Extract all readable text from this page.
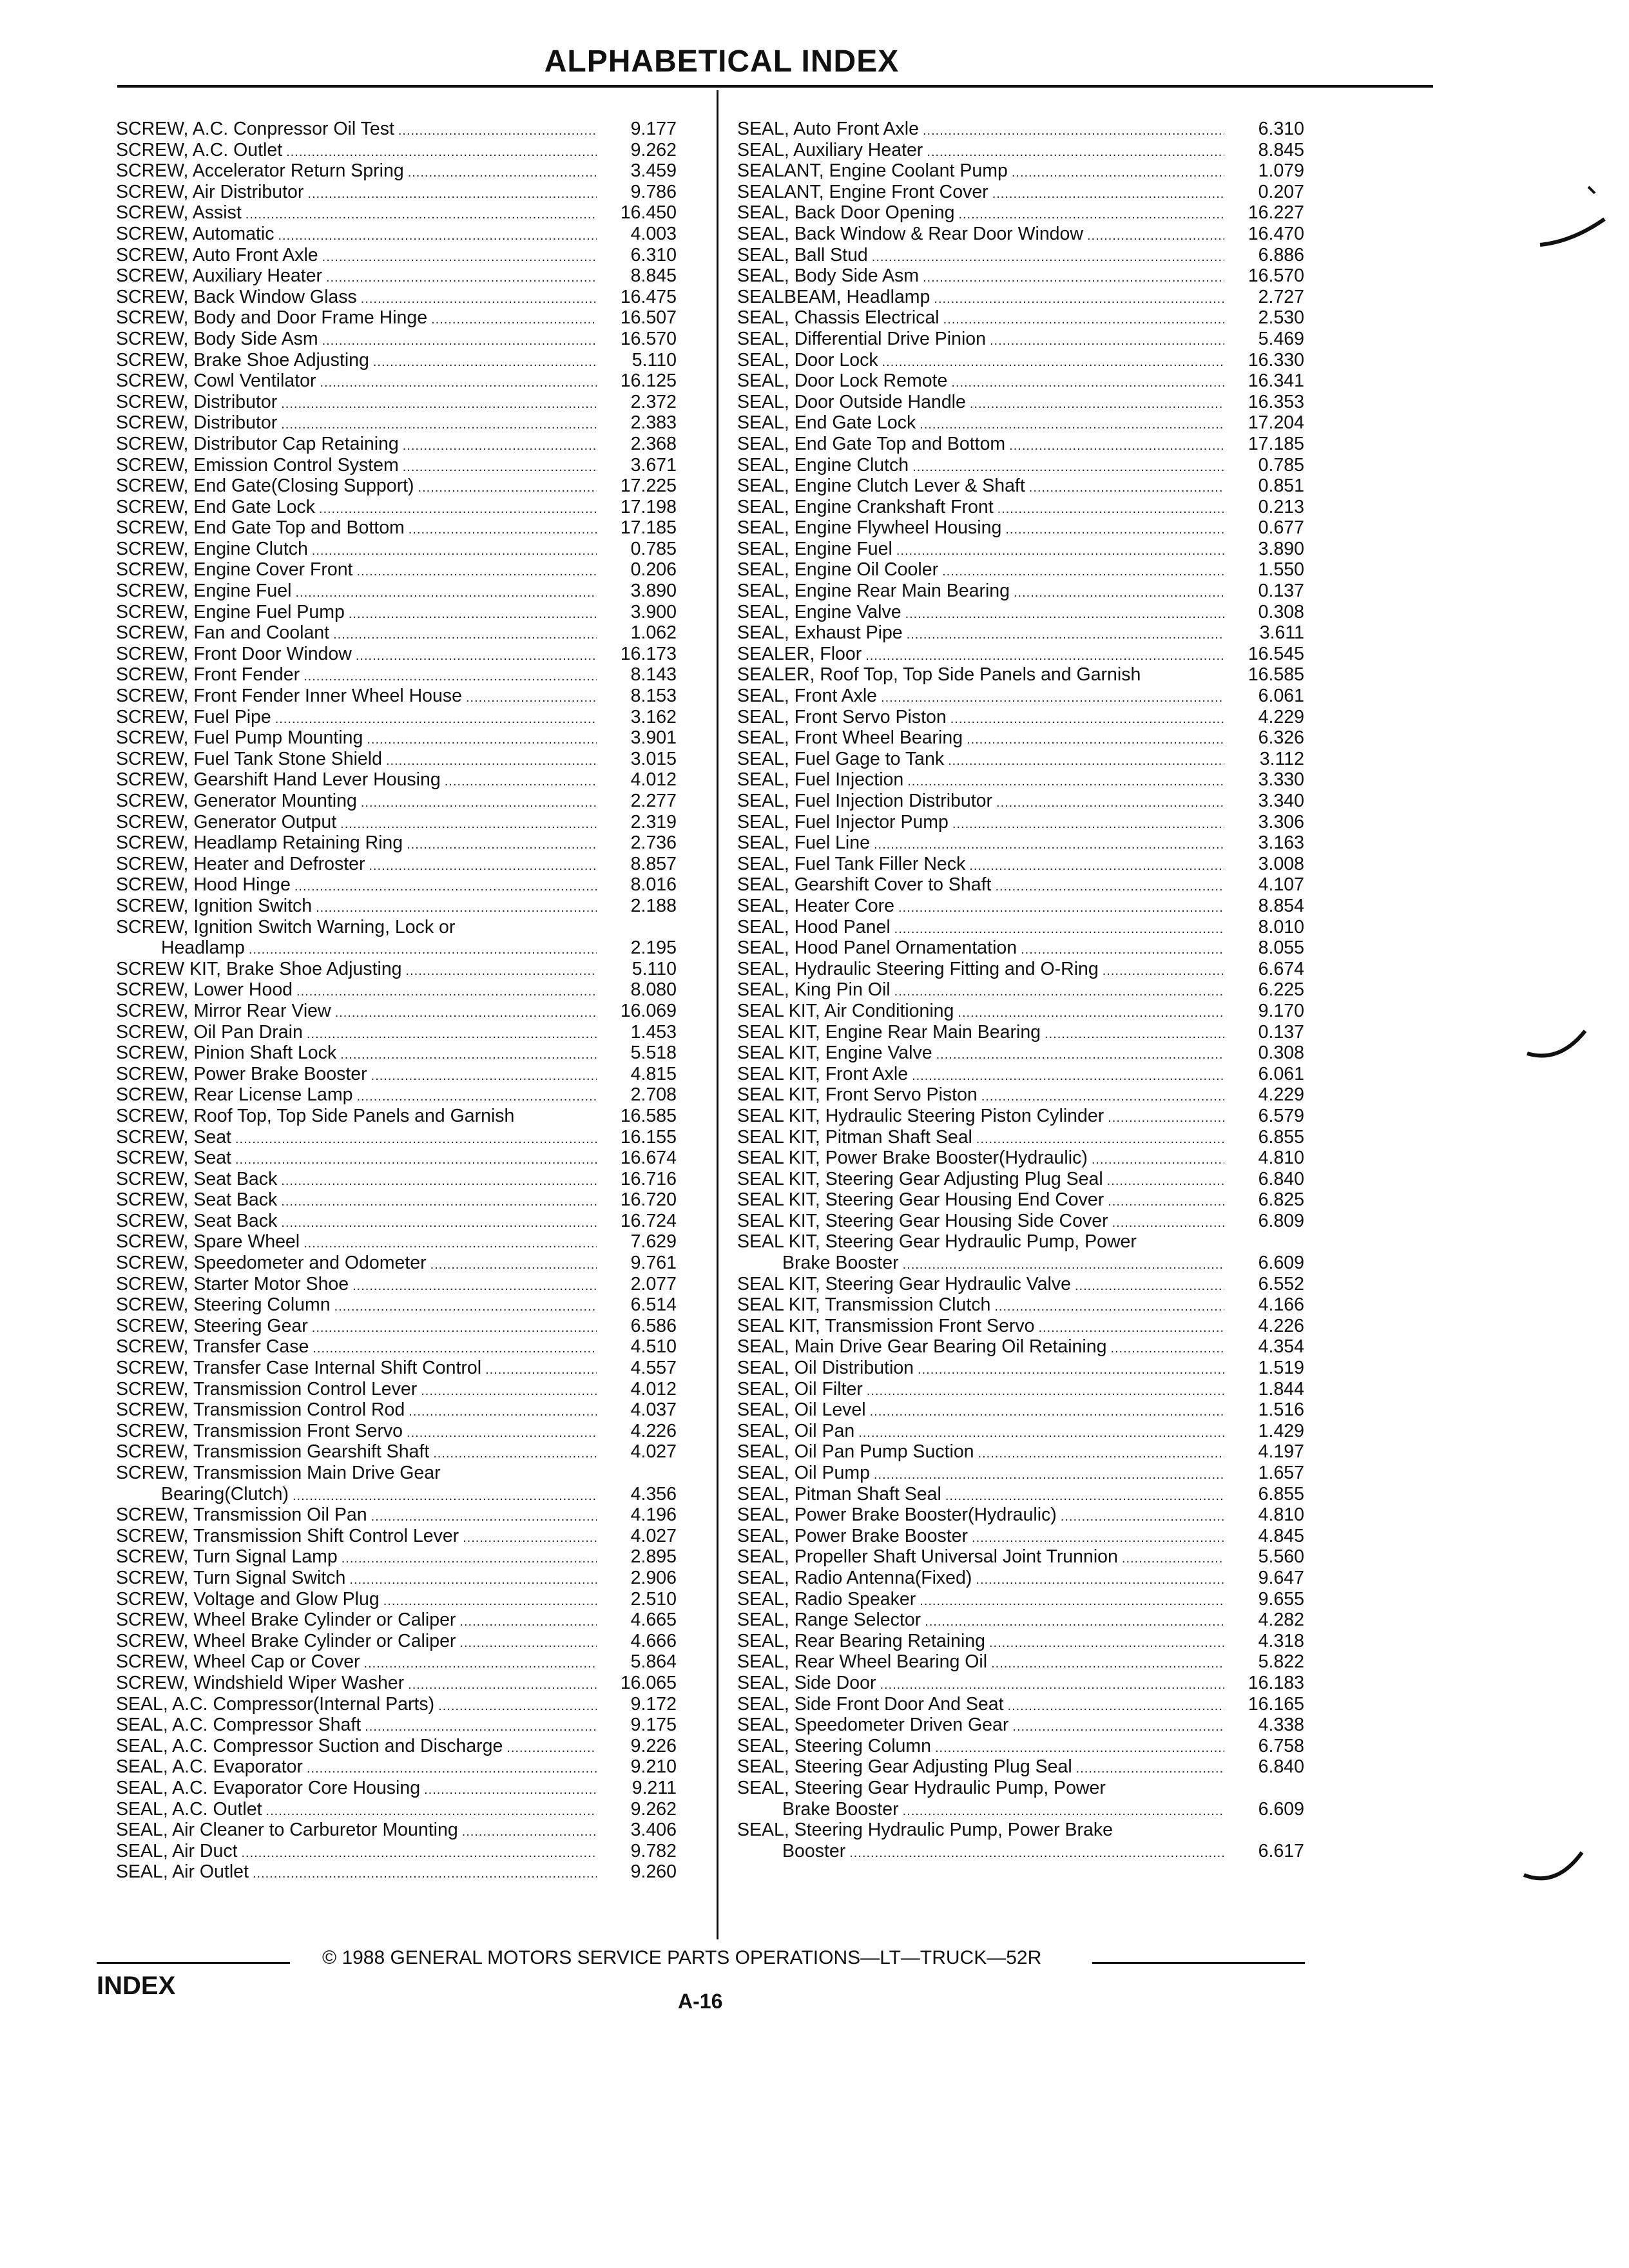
ALPHABETICAL INDEX
SCREW, A.C. Conpressor Oil Test .....	9.177
SCREW, A.C. Outlet .....	9.262
SCREW, Accelerator Return Spring .....	3.459
SCREW, Air Distributor .....	9.786
SCREW, Assist .....	16.450
SCREW, Automatic .....	4.003
SCREW, Auto Front Axle .....	6.310
SCREW, Auxiliary Heater .....	8.845
SCREW, Back Window Glass .....	16.475
SCREW, Body and Door Frame Hinge .....	16.507
SCREW, Body Side Asm .....	16.570
SCREW, Brake Shoe Adjusting .....	5.110
SCREW, Cowl Ventilator .....	16.125
SCREW, Distributor .....	2.372
SCREW, Distributor .....	2.383
SCREW, Distributor Cap Retaining .....	2.368
SCREW, Emission Control System .....	3.671
SCREW, End Gate(Closing Support) .....	17.225
SCREW, End Gate Lock .....	17.198
SCREW, End Gate Top and Bottom .....	17.185
SCREW, Engine Clutch .....	0.785
SCREW, Engine Cover Front .....	0.206
SCREW, Engine Fuel .....	3.890
SCREW, Engine Fuel Pump .....	3.900
SCREW, Fan and Coolant .....	1.062
SCREW, Front Door Window .....	16.173
SCREW, Front Fender .....	8.143
SCREW, Front Fender Inner Wheel House .....	8.153
SCREW, Fuel Pipe .....	3.162
SCREW, Fuel Pump Mounting .....	3.901
SCREW, Fuel Tank Stone Shield .....	3.015
SCREW, Gearshift Hand Lever Housing .....	4.012
SCREW, Generator Mounting .....	2.277
SCREW, Generator Output .....	2.319
SCREW, Headlamp Retaining Ring .....	2.736
SCREW, Heater and Defroster .....	8.857
SCREW, Hood Hinge .....	8.016
SCREW, Ignition Switch .....	2.188
SCREW, Ignition Switch Warning, Lock or
Headlamp .....	2.195
SCREW KIT, Brake Shoe Adjusting .....	5.110
SCREW, Lower Hood .....	8.080
SCREW, Mirror Rear View .....	16.069
SCREW, Oil Pan Drain .....	1.453
SCREW, Pinion Shaft Lock .....	5.518
SCREW, Power Brake Booster .....	4.815
SCREW, Rear License Lamp .....	2.708
SCREW, Roof Top, Top Side Panels and Garnish	16.585
SCREW, Seat .....	16.155
SCREW, Seat .....	16.674
SCREW, Seat Back .....	16.716
SCREW, Seat Back .....	16.720
SCREW, Seat Back .....	16.724
SCREW, Spare Wheel .....	7.629
SCREW, Speedometer and Odometer .....	9.761
SCREW, Starter Motor Shoe .....	2.077
SCREW, Steering Column .....	6.514
SCREW, Steering Gear .....	6.586
SCREW, Transfer Case .....	4.510
SCREW, Transfer Case Internal Shift Control .....	4.557
SCREW, Transmission Control Lever .....	4.012
SCREW, Transmission Control Rod .....	4.037
SCREW, Transmission Front Servo .....	4.226
SCREW, Transmission Gearshift Shaft .....	4.027
SCREW, Transmission Main Drive Gear
Bearing(Clutch) .....	4.356
SCREW, Transmission Oil Pan .....	4.196
SCREW, Transmission Shift Control Lever .....	4.027
SCREW, Turn Signal Lamp .....	2.895
SCREW, Turn Signal Switch .....	2.906
SCREW, Voltage and Glow Plug .....	2.510
SCREW, Wheel Brake Cylinder or Caliper .....	4.665
SCREW, Wheel Brake Cylinder or Caliper .....	4.666
SCREW, Wheel Cap or Cover .....	5.864
SCREW, Windshield Wiper Washer .....	16.065
SEAL, A.C. Compressor(Internal Parts) .....	9.172
SEAL, A.C. Compressor Shaft .....	9.175
SEAL, A.C. Compressor Suction and Discharge .....	9.226
SEAL, A.C. Evaporator .....	9.210
SEAL, A.C. Evaporator Core Housing .....	9.211
SEAL, A.C. Outlet .....	9.262
SEAL, Air Cleaner to Carburetor Mounting .....	3.406
SEAL, Air Duct .....	9.782
SEAL, Air Outlet .....	9.260
SEAL, Auto Front Axle .....	6.310
SEAL, Auxiliary Heater .....	8.845
SEALANT, Engine Coolant Pump .....	1.079
SEALANT, Engine Front Cover .....	0.207
SEAL, Back Door Opening .....	16.227
SEAL, Back Window & Rear Door Window .....	16.470
SEAL, Ball Stud .....	6.886
SEAL, Body Side Asm .....	16.570
SEALBEAM, Headlamp .....	2.727
SEAL, Chassis Electrical .....	2.530
SEAL, Differential Drive Pinion .....	5.469
SEAL, Door Lock .....	16.330
SEAL, Door Lock Remote .....	16.341
SEAL, Door Outside Handle .....	16.353
SEAL, End Gate Lock .....	17.204
SEAL, End Gate Top and Bottom .....	17.185
SEAL, Engine Clutch .....	0.785
SEAL, Engine Clutch Lever & Shaft .....	0.851
SEAL, Engine Crankshaft Front .....	0.213
SEAL, Engine Flywheel Housing .....	0.677
SEAL, Engine Fuel .....	3.890
SEAL, Engine Oil Cooler .....	1.550
SEAL, Engine Rear Main Bearing .....	0.137
SEAL, Engine Valve .....	0.308
SEAL, Exhaust Pipe .....	3.611
SEALER, Floor .....	16.545
SEALER, Roof Top, Top Side Panels and Garnish	16.585
SEAL, Front Axle .....	6.061
SEAL, Front Servo Piston .....	4.229
SEAL, Front Wheel Bearing .....	6.326
SEAL, Fuel Gage to Tank .....	3.112
SEAL, Fuel Injection .....	3.330
SEAL, Fuel Injection Distributor .....	3.340
SEAL, Fuel Injector Pump .....	3.306
SEAL, Fuel Line .....	3.163
SEAL, Fuel Tank Filler Neck .....	3.008
SEAL, Gearshift Cover to Shaft .....	4.107
SEAL, Heater Core .....	8.854
SEAL, Hood Panel .....	8.010
SEAL, Hood Panel Ornamentation .....	8.055
SEAL, Hydraulic Steering Fitting and O-Ring .....	6.674
SEAL, King Pin Oil .....	6.225
SEAL KIT, Air Conditioning .....	9.170
SEAL KIT, Engine Rear Main Bearing .....	0.137
SEAL KIT, Engine Valve .....	0.308
SEAL KIT, Front Axle .....	6.061
SEAL KIT, Front Servo Piston .....	4.229
SEAL KIT, Hydraulic Steering Piston Cylinder .....	6.579
SEAL KIT, Pitman Shaft Seal .....	6.855
SEAL KIT, Power Brake Booster(Hydraulic) .....	4.810
SEAL KIT, Steering Gear Adjusting Plug Seal .....	6.840
SEAL KIT, Steering Gear Housing End Cover .....	6.825
SEAL KIT, Steering Gear Housing Side Cover .....	6.809
SEAL KIT, Steering Gear Hydraulic Pump, Power
Brake Booster .....	6.609
SEAL KIT, Steering Gear Hydraulic Valve .....	6.552
SEAL KIT, Transmission Clutch .....	4.166
SEAL KIT, Transmission Front Servo .....	4.226
SEAL, Main Drive Gear Bearing Oil Retaining .....	4.354
SEAL, Oil Distribution .....	1.519
SEAL, Oil Filter .....	1.844
SEAL, Oil Level .....	1.516
SEAL, Oil Pan .....	1.429
SEAL, Oil Pan Pump Suction .....	4.197
SEAL, Oil Pump .....	1.657
SEAL, Pitman Shaft Seal .....	6.855
SEAL, Power Brake Booster(Hydraulic) .....	4.810
SEAL, Power Brake Booster .....	4.845
SEAL, Propeller Shaft Universal Joint Trunnion .....	5.560
SEAL, Radio Antenna(Fixed) .....	9.647
SEAL, Radio Speaker .....	9.655
SEAL, Range Selector .....	4.282
SEAL, Rear Bearing Retaining .....	4.318
SEAL, Rear Wheel Bearing Oil .....	5.822
SEAL, Side Door .....	16.183
SEAL, Side Front Door And Seat .....	16.165
SEAL, Speedometer Driven Gear .....	4.338
SEAL, Steering Column .....	6.758
SEAL, Steering Gear Adjusting Plug Seal .....	6.840
SEAL, Steering Gear Hydraulic Pump, Power
Brake Booster .....	6.609
SEAL, Steering Hydraulic Pump, Power Brake
Booster .....	6.617
© 1988 GENERAL MOTORS SERVICE PARTS OPERATIONS—LT—TRUCK—52R
INDEX
A-16
